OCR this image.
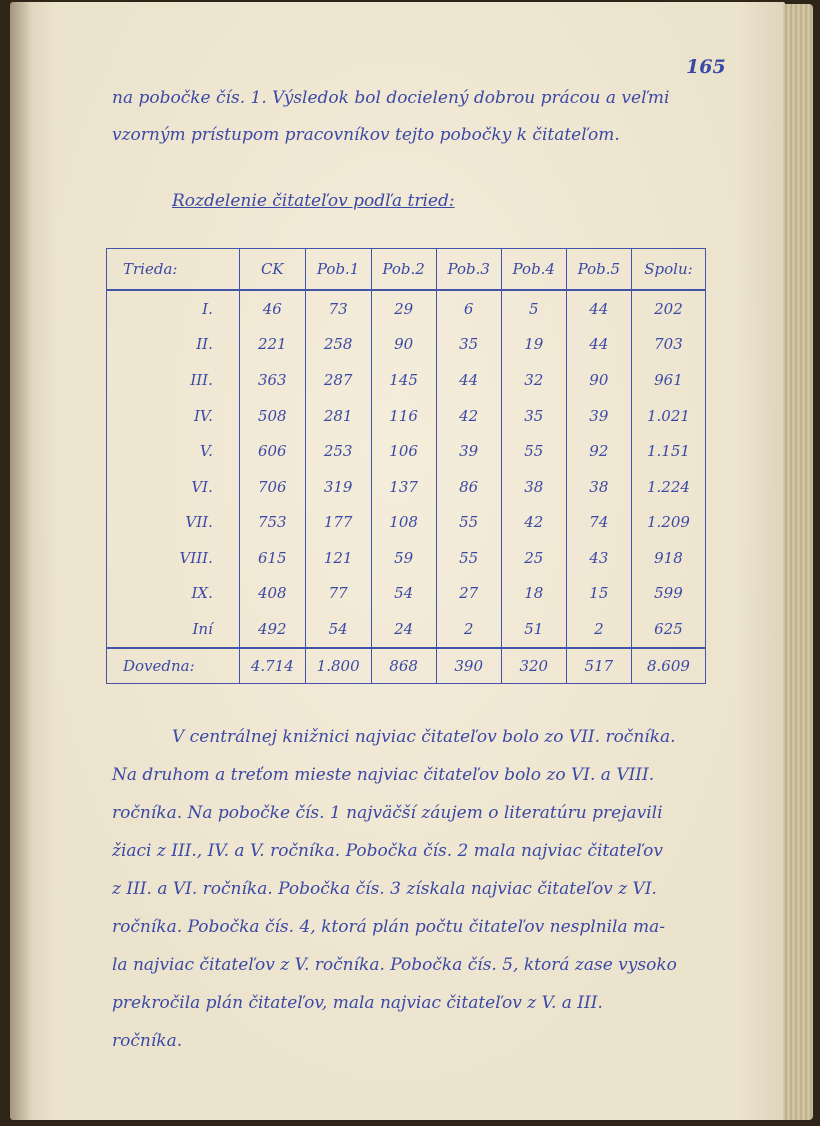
165
na pobočke čís. 1. Výsledok bol docielený dobrou prácou a veľmi
vzorným prístupom pracovníkov tejto pobočky k čitateľom.
Rozdelenie čitateľov podľa tried:
Trieda:	CK	Pob.1	Pob.2	Pob.3	Pob.4	Pob.5	Spolu:
I.	46	73	29	6	5	44	202
II.	221	258	90	35	19	44	703
III.	363	287	145	44	32	90	961
IV.	508	281	116	42	35	39	1.021
V.	606	253	106	39	55	92	1.151
VI.	706	319	137	86	38	38	1.224
VII.	753	177	108	55	42	74	1.209
VIII.	615	121	59	55	25	43	918
IX.	408	77	54	27	18	15	599
Iní	492	54	24	2	51	2	625
Dovedna:	4.714	1.800	868	390	320	517	8.609
V centrálnej knižnici najviac čitateľov bolo zo VII. ročníka.
Na druhom a treťom mieste najviac čitateľov bolo zo VI. a VIII.
ročníka. Na pobočke čís. 1 najväčší záujem o literatúru prejavili
žiaci z III., IV. a V. ročníka. Pobočka čís. 2 mala najviac čitateľov
z III. a VI. ročníka. Pobočka čís. 3 získala najviac čitateľov z VI.
ročníka. Pobočka čís. 4, ktorá plán počtu čitateľov nesplnila ma-
la najviac čitateľov z V. ročníka. Pobočka čís. 5, ktorá zase vysoko
prekročila plán čitateľov, mala najviac čitateľov z V. a III.
ročníka.
